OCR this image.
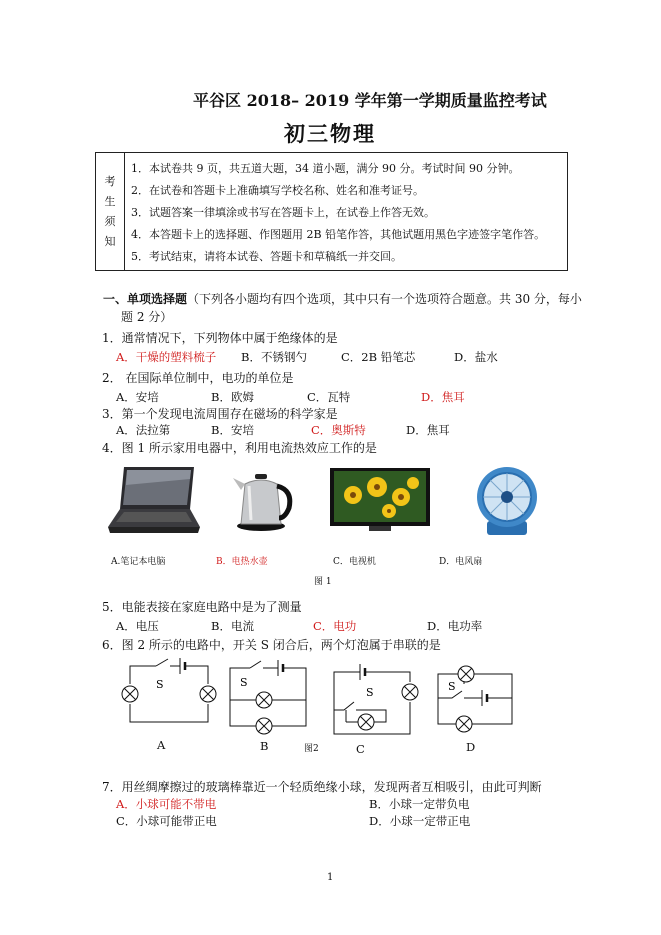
平谷区 2018– 2019 学年第一学期质量监控考试
初三物理
考
生
须
知

1．本试卷共 9 页，共五道大题，34 道小题，满分 90 分。考试时间 90 分钟。
2．在试卷和答题卡上准确填写学校名称、姓名和准考证号。
3．试题答案一律填涂或书写在答题卡上，在试卷上作答无效。
4．本答题卡上的选择题、作图题用 2B 铅笔作答，其他试题用黑色字迹签字笔作答。
5．考试结束，请将本试卷、答题卡和草稿纸一并交回。
一、单项选择题（下列各小题均有四个选项，其中只有一个选项符合题意。共 30 分，每小
题 2 分）
1．通常情况下，下列物体中属于绝缘体的是
A．干燥的塑料梳子 B．不锈钢勺	C．2B 铅笔芯	D．盐水
2． 在国际单位制中，电功的单位是
A．安培	B．欧姆	C．瓦特	D．焦耳
3．第一个发现电流周围存在磁场的科学家是
A．法拉第	B．安培	C．奥斯特	D．焦耳
4．图 1 所示家用电器中，利用电流热效应工作的是
A.笔记本电脑	B．电热水壶	C．电视机	D．电风扇
图 1
5．电能表接在家庭电路中是为了测量
A．电压	B．电流	C．电功	D．电功率
6．图 2 所示的电路中，开关 S 闭合后，两个灯泡属于串联的是
S	S
S	S
A	B	图2	C	D
7．用丝绸摩擦过的玻璃棒靠近一个轻质绝缘小球，发现两者互相吸引，由此可判断
A．小球可能不带电	B．小球一定带负电
C．小球可能带正电	D．小球一定带正电
1
